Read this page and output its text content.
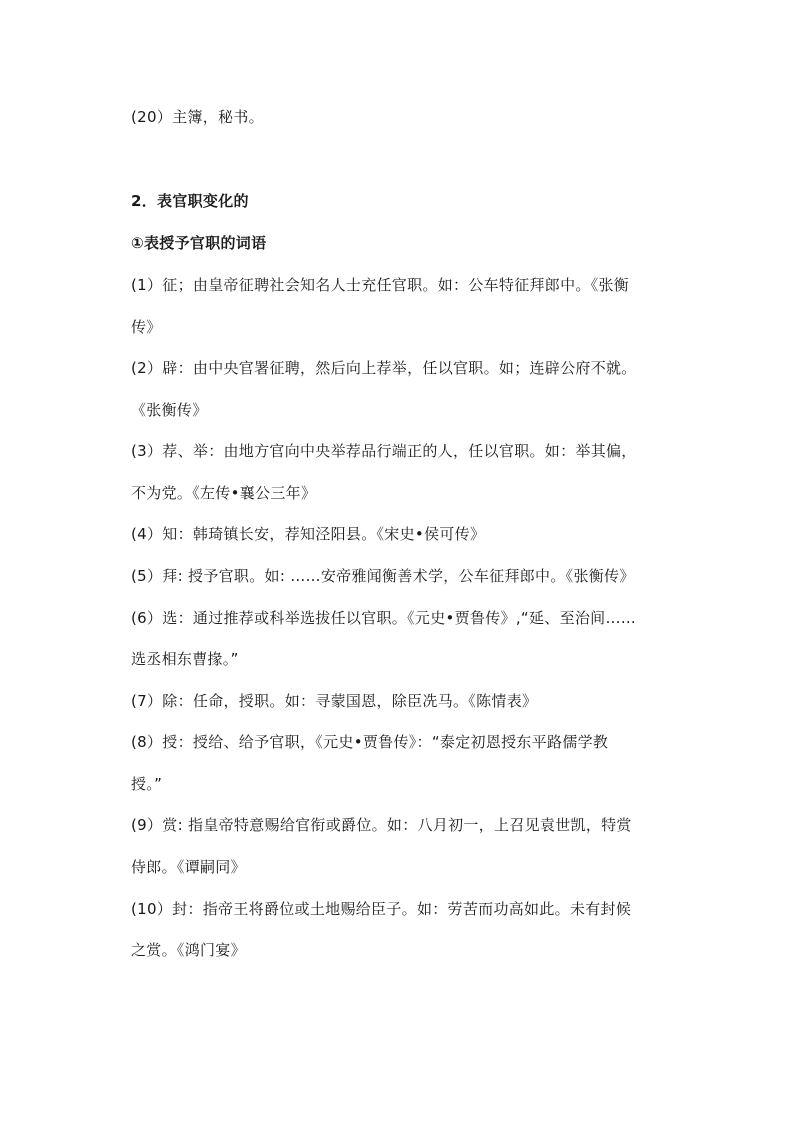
(20）主簿，秘书。
2．表官职变化的
①表授予官职的词语
(1）征；由皇帝征聘社会知名人士充任官职。如：公车特征拜郎中。《张衡
传》
(2）辟：由中央官署征聘，然后向上荐举，任以官职。如；连辟公府不就。
《张衡传》
(3）荐、举：由地方官向中央举荐品行端正的人，任以官职。如：举其偏，
不为党。《左传•襄公三年》
(4）知：韩琦镇长安，荐知泾阳县。《宋史•侯可传》
(5）拜: 授予官职。如: ……安帝雅闻衡善术学，公车征拜郎中。《张衡传》
(6）选：通过推荐或科举选拔任以官职。《元史•贾鲁传》,“延、至治间……
选丞相东曹掾。”
(7）除：任命，授职。如：寻蒙国恩，除臣冼马。《陈情表》
(8）授：授给、给予官职，《元史•贾鲁传》：“泰定初恩授东平路儒学教
授。”
(9）赏: 指皇帝特意赐给官衔或爵位。如：八月初一，上召见袁世凯，特赏
侍郎。《谭嗣同》
(10）封：指帝王将爵位或土地赐给臣子。如：劳苦而功高如此。未有封候
之赏。《鸿门宴》
